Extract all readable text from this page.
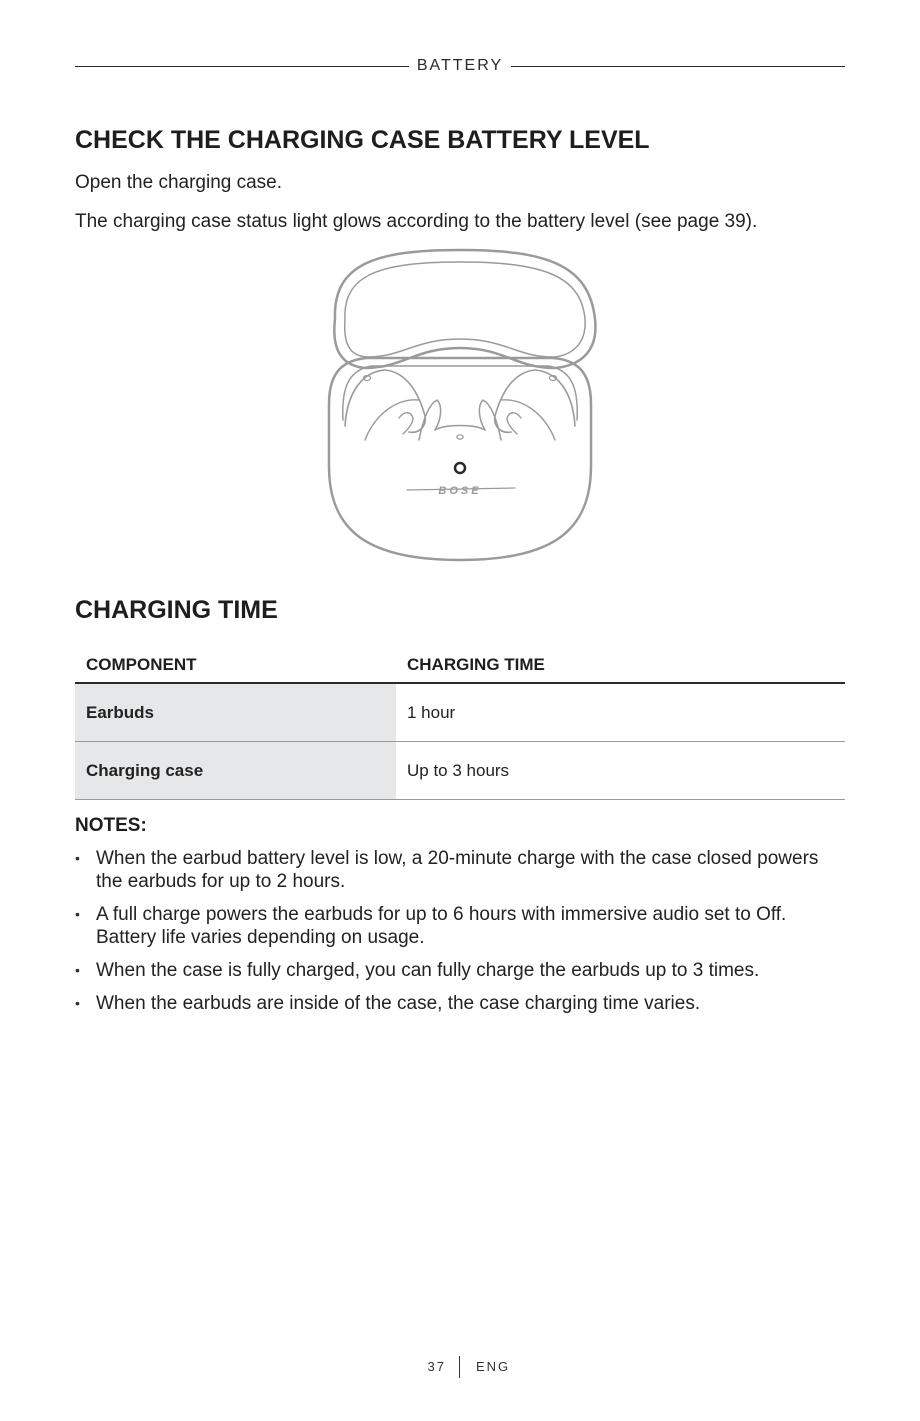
BATTERY
CHECK THE CHARGING CASE BATTERY LEVEL

Open the charging case.

The charging case status light glows according to the battery level (see page 39).

BOSE
CHARGING TIME
COMPONENT	CHARGING TIME
Earbuds	1 hour
Charging case	Up to 3 hours
NOTES:
• When the earbud battery level is low, a 20-minute charge with the case closed powers the earbuds for up to 2 hours.
• A full charge powers the earbuds for up to 6 hours with immersive audio set to Off. Battery life varies depending on usage.
• When the case is fully charged, you can fully charge the earbuds up to 3 times.
• When the earbuds are inside of the case, the case charging time varies.
37 ENG
